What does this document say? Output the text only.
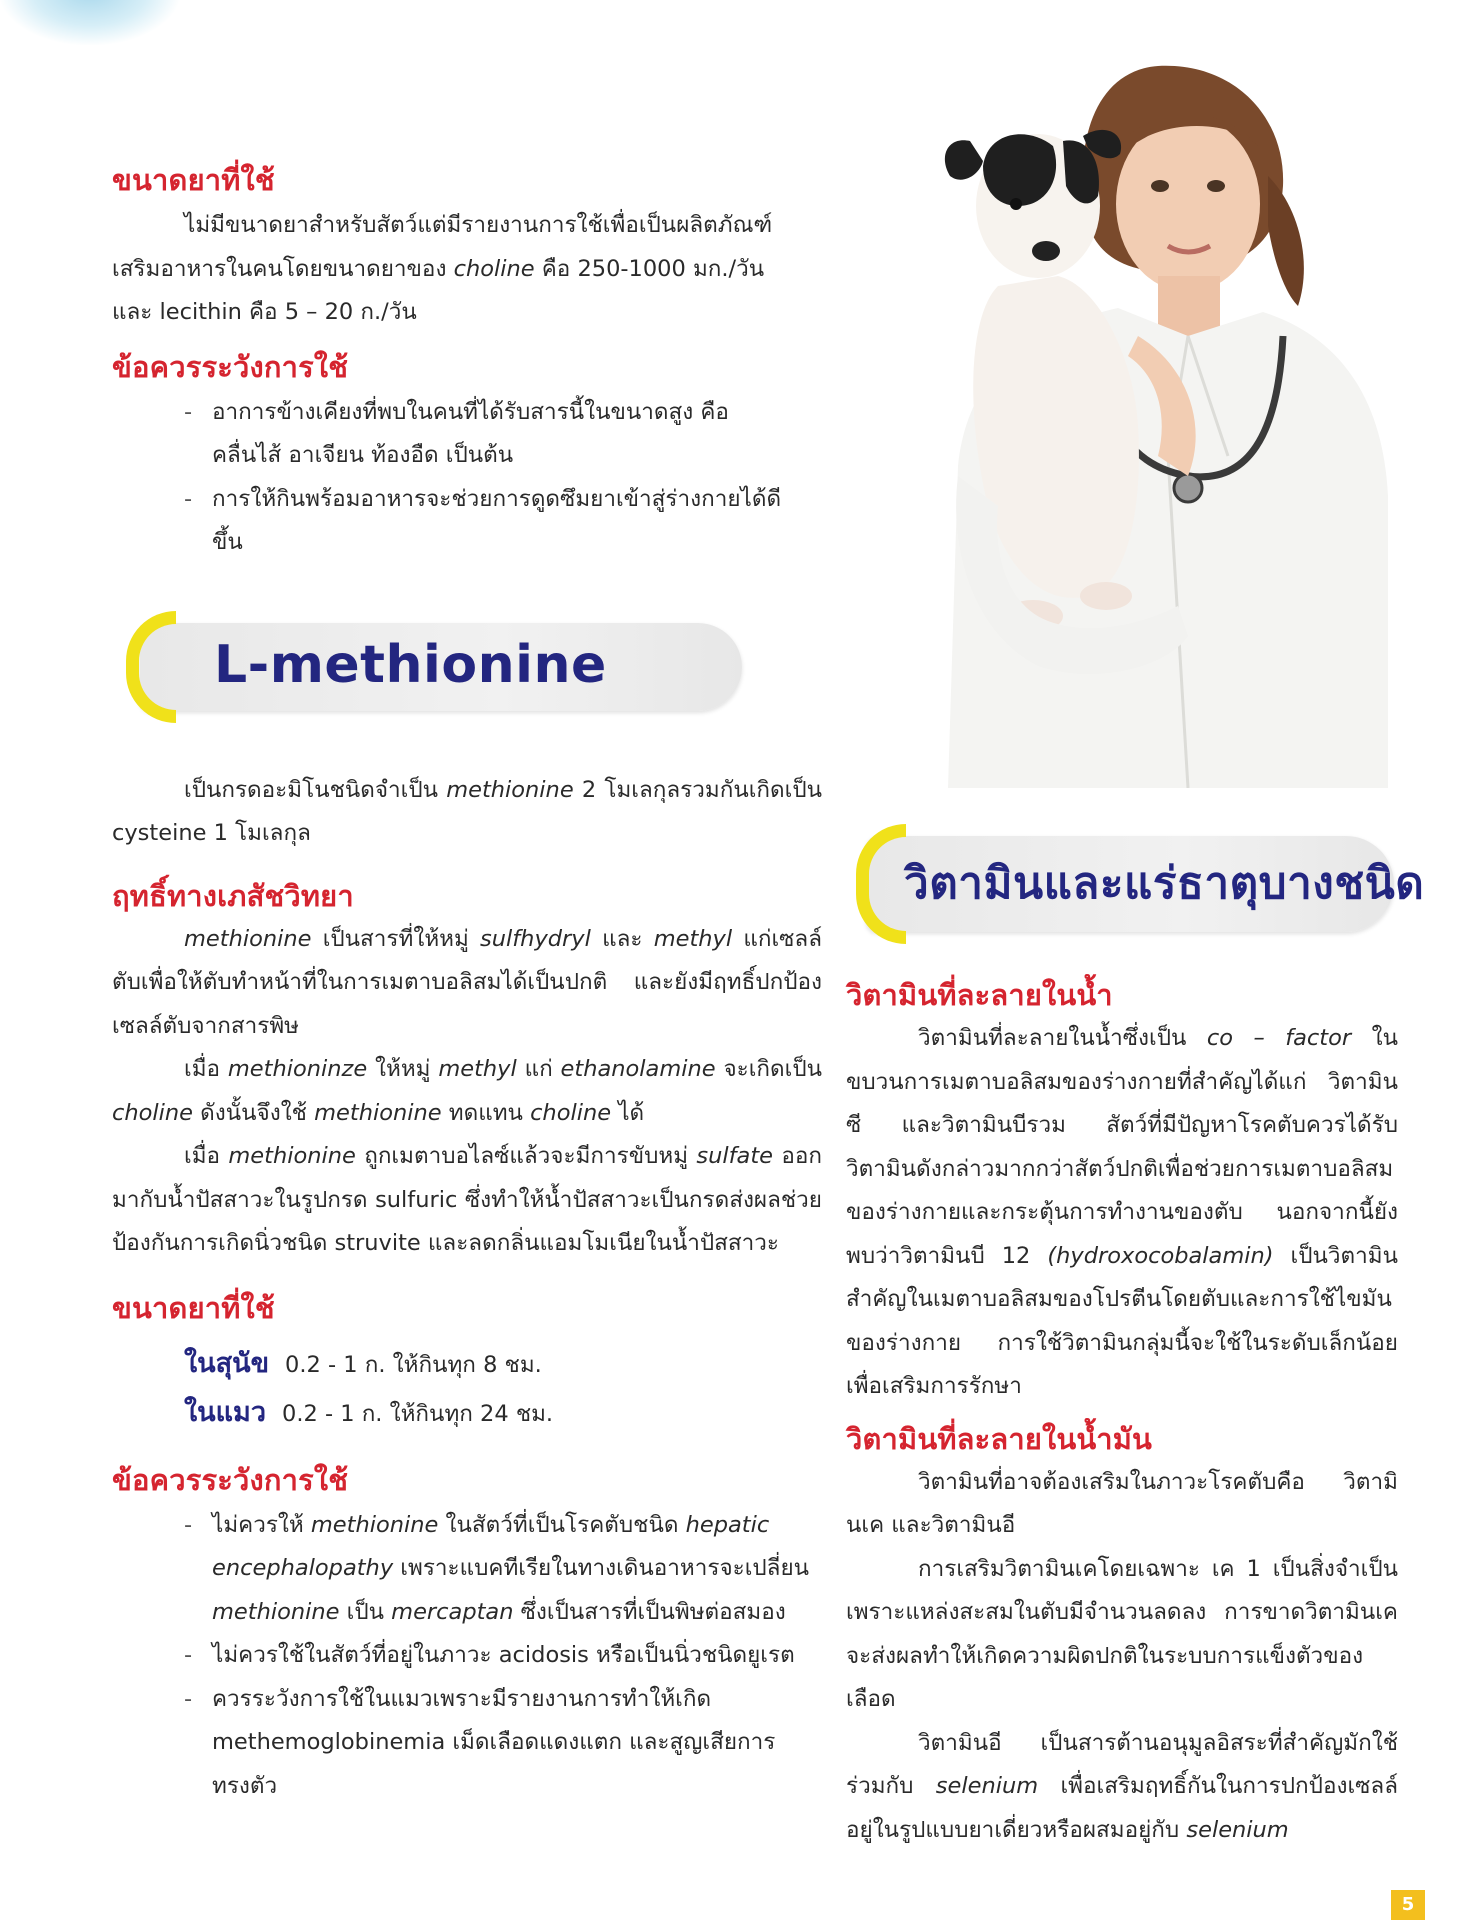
ขนาดยาที่ใช้

ไม่มีขนาดยาสำหรับสัตว์แต่มีรายงานการใช้เพื่อเป็นผลิตภัณฑ์
เสริมอาหารในคนโดยขนาดยาของ choline คือ 250-1000 มก./วัน
และ lecithin คือ 5 – 20 ก./วัน

ข้อควรระวังการใช้
- อาการข้างเคียงที่พบในคนที่ได้รับสารนี้ในขนาดสูง คือ คลื่นไส้ อาเจียน ท้องอืด เป็นต้น
- การให้กินพร้อมอาหารจะช่วยการดูดซึมยาเข้าสู่ร่างกายได้ดีขึ้น
L-methionine

เป็นกรดอะมิโนชนิดจำเป็น methionine 2 โมเลกุลรวมกันเกิดเป็น cysteine 1 โมเลกุล

ฤทธิ์ทางเภสัชวิทยา

methionine เป็นสารที่ให้หมู่ sulfhydryl และ methyl แก่เซลล์ตับเพื่อให้ตับทำหน้าที่ในการเมตาบอลิสมได้เป็นปกติ และยังมีฤทธิ์ปกป้องเซลล์ตับจากสารพิษ

เมื่อ methioninze ให้หมู่ methyl แก่ ethanolamine จะเกิดเป็น choline ดังนั้นจึงใช้ methionine ทดแทน choline ได้

เมื่อ methionine ถูกเมตาบอไลซ์แล้วจะมีการขับหมู่ sulfate ออกมากับน้ำปัสสาวะในรูปกรด sulfuric ซึ่งทำให้น้ำปัสสาวะเป็นกรดส่งผลช่วยป้องกันการเกิดนิ่วชนิด struvite และลดกลิ่นแอมโมเนียในน้ำปัสสาวะ

ขนาดยาที่ใช้
ในสุนัข 0.2 - 1 ก. ให้กินทุก 8 ชม.
ในแมว 0.2 - 1 ก. ให้กินทุก 24 ชม.
ข้อควรระวังการใช้
- ไม่ควรให้ methionine ในสัตว์ที่เป็นโรคตับชนิด hepatic encephalopathy เพราะแบคทีเรียในทางเดินอาหารจะเปลี่ยน methionine เป็น mercaptan ซึ่งเป็นสารที่เป็นพิษต่อสมอง
- ไม่ควรใช้ในสัตว์ที่อยู่ในภาวะ acidosis หรือเป็นนิ่วชนิดยูเรต
- ควรระวังการใช้ในแมวเพราะมีรายงานการทำให้เกิด methemoglobinemia เม็ดเลือดแดงแตก และสูญเสียการทรงตัว
วิตามินและแร่ธาตุบางชนิด
วิตามินที่ละลายในน้ำ

วิตามินที่ละลายในน้ำซึ่งเป็น co – factor ในขบวนการเมตาบอลิสมของร่างกายที่สำคัญได้แก่ วิตามินซี และวิตามินบีรวม สัตว์ที่มีปัญหาโรคตับควรได้รับวิตามินดังกล่าวมากกว่าสัตว์ปกติเพื่อช่วยการเมตาบอลิสมของร่างกายและกระตุ้นการทำงานของตับ นอกจากนี้ยังพบว่าวิตามินบี 12 (hydroxocobalamin) เป็นวิตามินสำคัญในเมตาบอลิสมของโปรตีนโดยตับและการใช้ไขมันของร่างกาย การใช้วิตามินกลุ่มนี้จะใช้ในระดับเล็กน้อยเพื่อเสริมการรักษา

วิตามินที่ละลายในน้ำมัน

วิตามินที่อาจต้องเสริมในภาวะโรคตับคือ วิตามินเค และวิตามินอี

การเสริมวิตามินเคโดยเฉพาะ เค 1 เป็นสิ่งจำเป็น เพราะแหล่งสะสมในตับมีจำนวนลดลง การขาดวิตามินเคจะส่งผลทำให้เกิดความผิดปกติในระบบการแข็งตัวของเลือด

วิตามินอี เป็นสารต้านอนุมูลอิสระที่สำคัญมักใช้ร่วมกับ selenium เพื่อเสริมฤทธิ์กันในการปกป้องเซลล์ อยู่ในรูปแบบยาเดี่ยวหรือผสมอยู่กับ selenium

5
